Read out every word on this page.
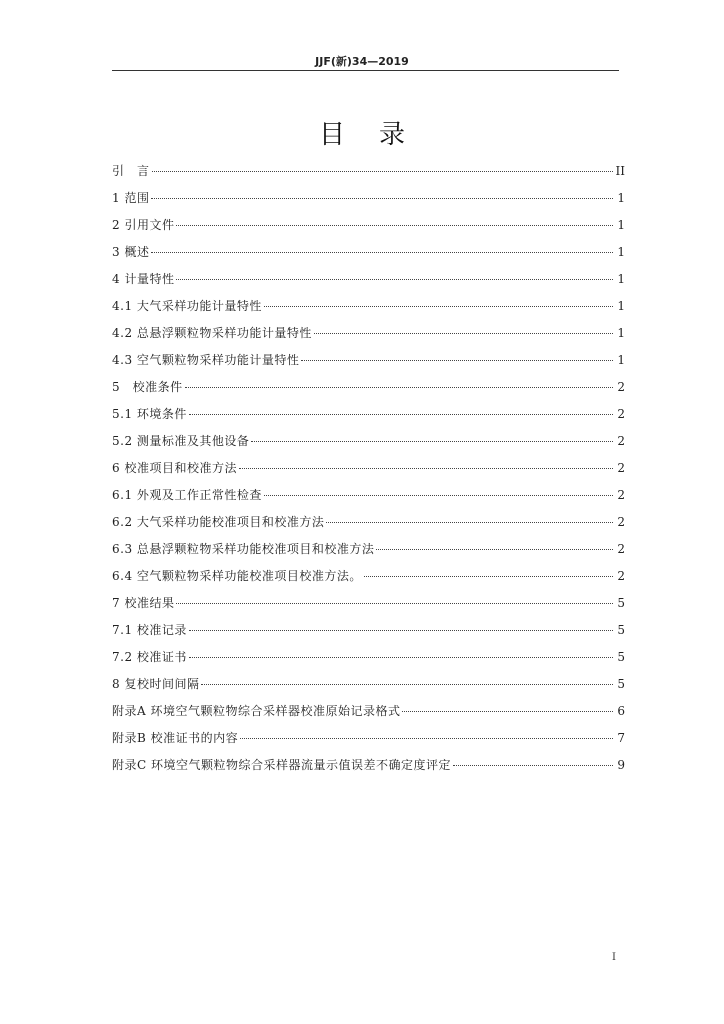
JJF(新)34—2019
目录
引　言	II
1 范围	1
2 引用文件	1
3 概述	1
4 计量特性	1
4.1 大气采样功能计量特性	1
4.2 总悬浮颗粒物采样功能计量特性	1
4.3 空气颗粒物采样功能计量特性	1
5　校准条件	2
5.1 环境条件	2
5.2 测量标准及其他设备	2
6 校准项目和校准方法	2
6.1 外观及工作正常性检查	2
6.2 大气采样功能校准项目和校准方法	2
6.3 总悬浮颗粒物采样功能校准项目和校准方法	2
6.4 空气颗粒物采样功能校准项目校准方法。	2
7 校准结果	5
7.1 校准记录	5
7.2 校准证书	5
8 复校时间间隔	5
附录A 环境空气颗粒物综合采样器校准原始记录格式	6
附录B 校准证书的内容	7
附录C 环境空气颗粒物综合采样器流量示值误差不确定度评定	9
I
